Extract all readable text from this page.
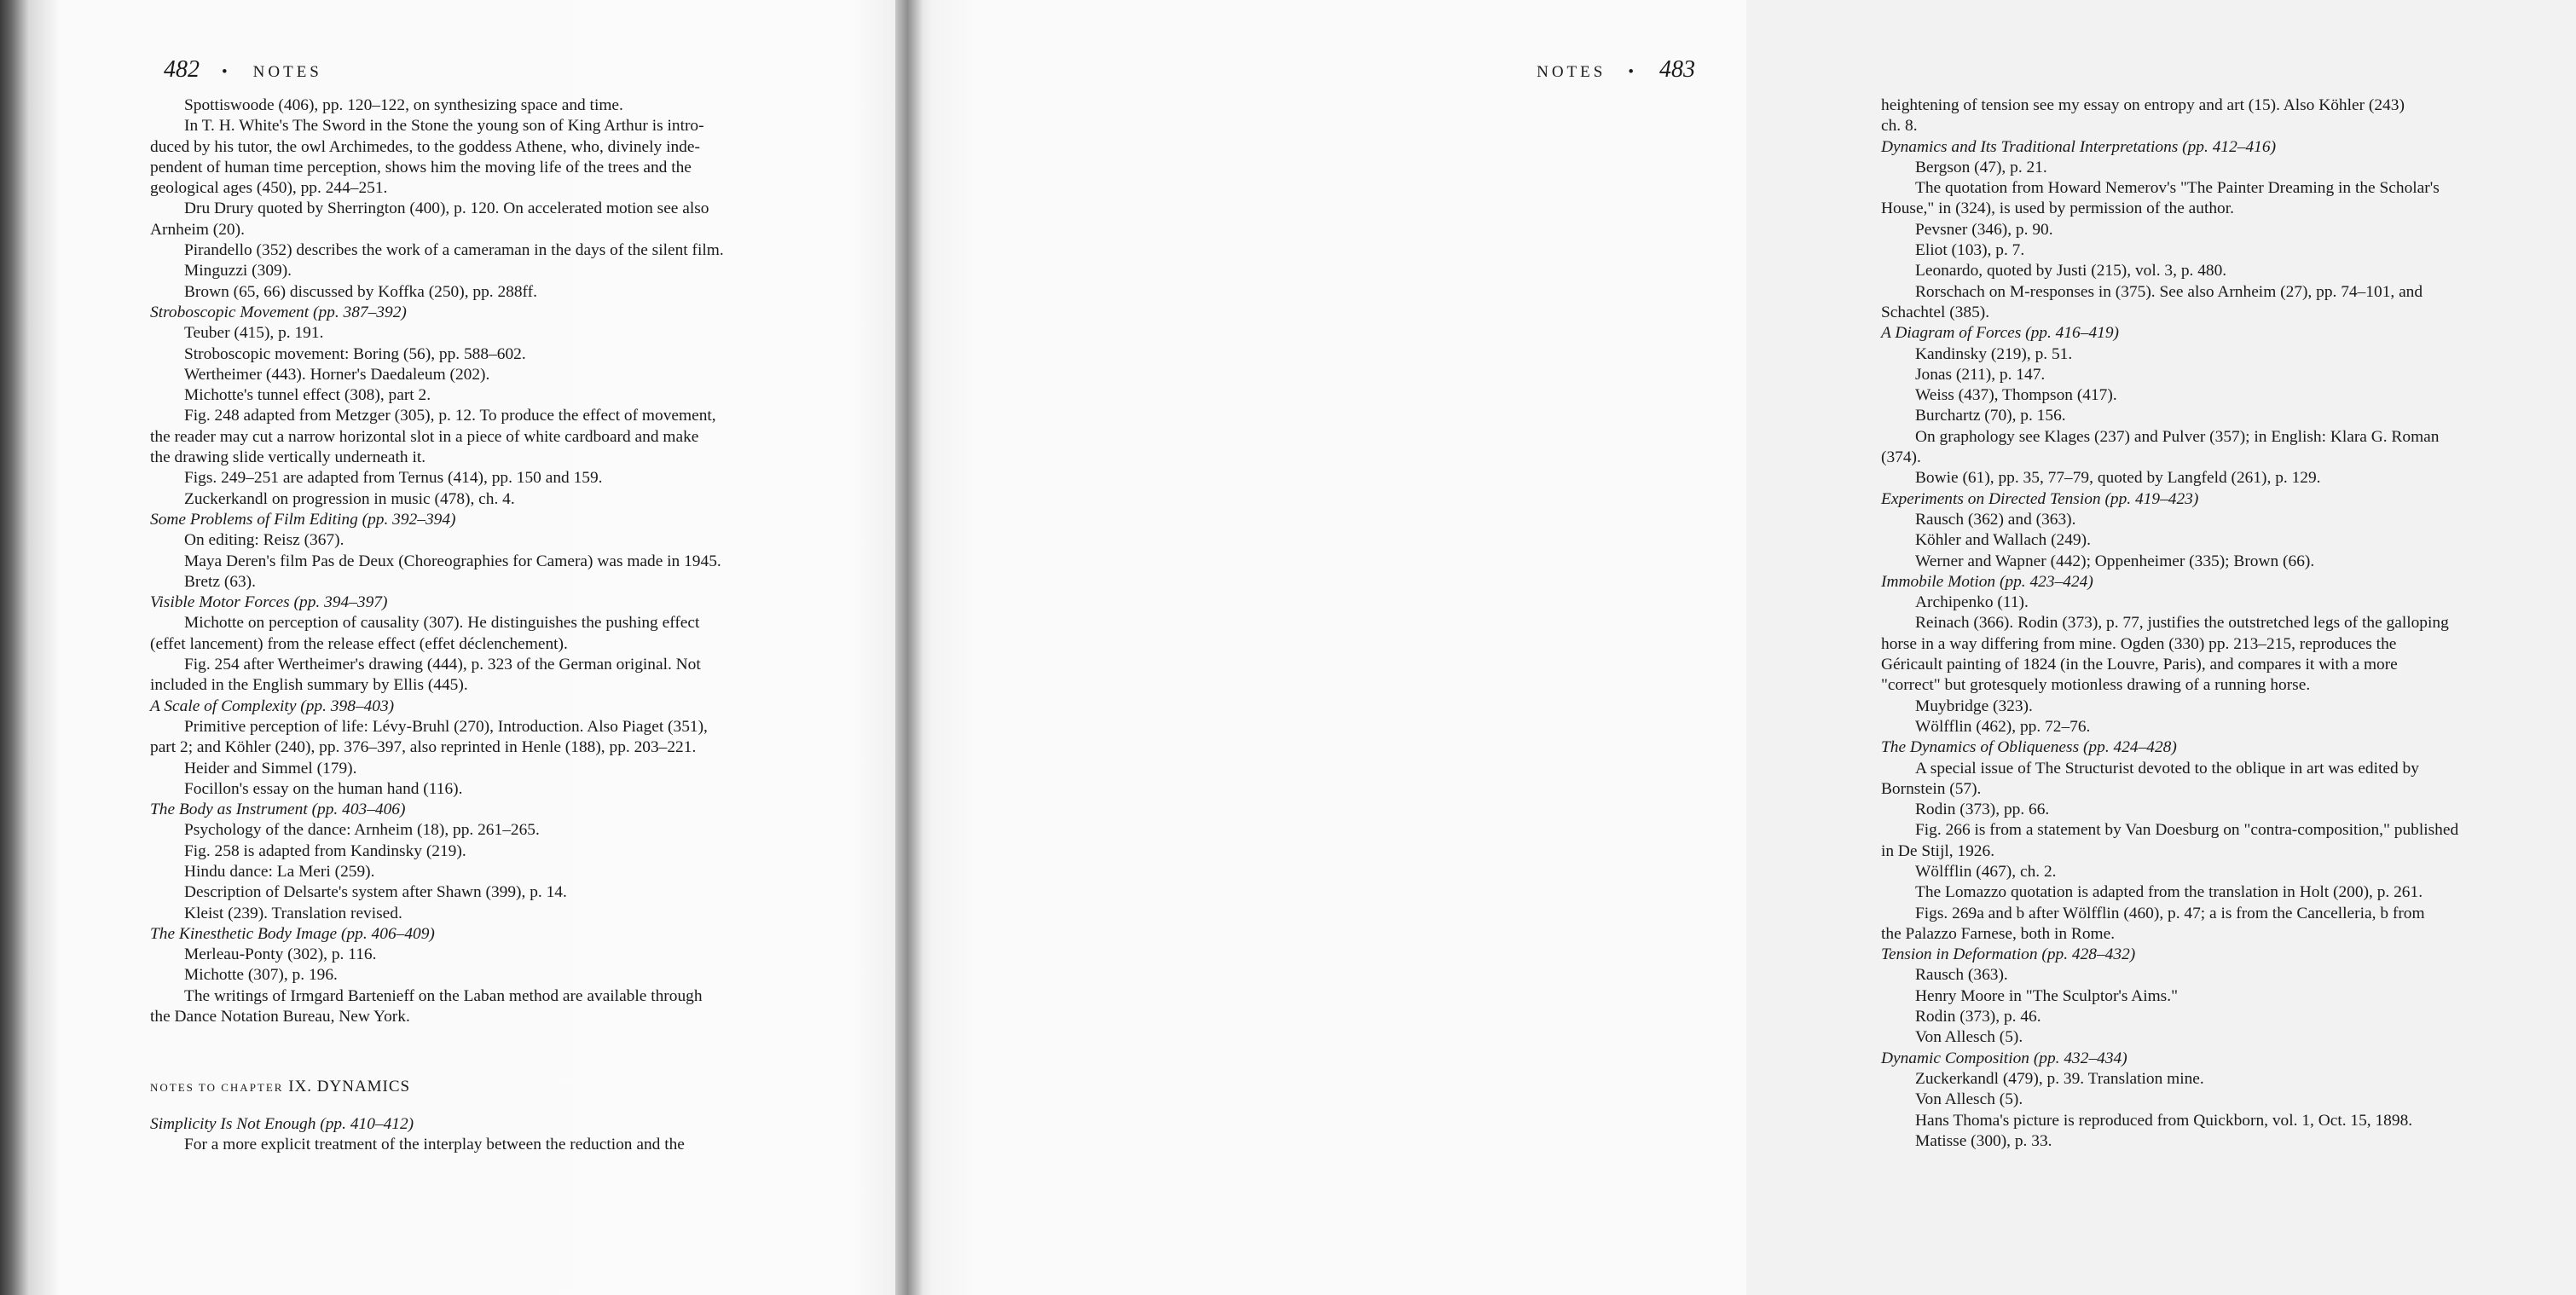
482 • NOTES
Spottiswoode (406), pp. 120–122, on synthesizing space and time.
In T. H. White's The Sword in the Stone the young son of King Arthur is intro-
duced by his tutor, the owl Archimedes, to the goddess Athene, who, divinely inde-
pendent of human time perception, shows him the moving life of the trees and the
geological ages (450), pp. 244–251.
Dru Drury quoted by Sherrington (400), p. 120. On accelerated motion see also
Arnheim (20).
Pirandello (352) describes the work of a cameraman in the days of the silent film.
Minguzzi (309).
Brown (65, 66) discussed by Koffka (250), pp. 288ff.
Stroboscopic Movement (pp. 387–392)
Teuber (415), p. 191.
Stroboscopic movement: Boring (56), pp. 588–602.
Wertheimer (443). Horner's Daedaleum (202).
Michotte's tunnel effect (308), part 2.
Fig. 248 adapted from Metzger (305), p. 12. To produce the effect of movement,
the reader may cut a narrow horizontal slot in a piece of white cardboard and make
the drawing slide vertically underneath it.
Figs. 249–251 are adapted from Ternus (414), pp. 150 and 159.
Zuckerkandl on progression in music (478), ch. 4.
Some Problems of Film Editing (pp. 392–394)
On editing: Reisz (367).
Maya Deren's film Pas de Deux (Choreographies for Camera) was made in 1945.
Bretz (63).
Visible Motor Forces (pp. 394–397)
Michotte on perception of causality (307). He distinguishes the pushing effect
(effet lancement) from the release effect (effet déclenchement).
Fig. 254 after Wertheimer's drawing (444), p. 323 of the German original. Not
included in the English summary by Ellis (445).
A Scale of Complexity (pp. 398–403)
Primitive perception of life: Lévy-Bruhl (270), Introduction. Also Piaget (351),
part 2; and Köhler (240), pp. 376–397, also reprinted in Henle (188), pp. 203–221.
Heider and Simmel (179).
Focillon's essay on the human hand (116).
The Body as Instrument (pp. 403–406)
Psychology of the dance: Arnheim (18), pp. 261–265.
Fig. 258 is adapted from Kandinsky (219).
Hindu dance: La Meri (259).
Description of Delsarte's system after Shawn (399), p. 14.
Kleist (239). Translation revised.
The Kinesthetic Body Image (pp. 406–409)
Merleau-Ponty (302), p. 116.
Michotte (307), p. 196.
The writings of Irmgard Bartenieff on the Laban method are available through
the Dance Notation Bureau, New York.
NOTES TO CHAPTER IX. DYNAMICS
Simplicity Is Not Enough (pp. 410–412)
For a more explicit treatment of the interplay between the reduction and the
NOTES • 483
heightening of tension see my essay on entropy and art (15). Also Köhler (243)
ch. 8.
Dynamics and Its Traditional Interpretations (pp. 412–416)
Bergson (47), p. 21.
The quotation from Howard Nemerov's "The Painter Dreaming in the Scholar's
House," in (324), is used by permission of the author.
Pevsner (346), p. 90.
Eliot (103), p. 7.
Leonardo, quoted by Justi (215), vol. 3, p. 480.
Rorschach on M-responses in (375). See also Arnheim (27), pp. 74–101, and
Schachtel (385).
A Diagram of Forces (pp. 416–419)
Kandinsky (219), p. 51.
Jonas (211), p. 147.
Weiss (437), Thompson (417).
Burchartz (70), p. 156.
On graphology see Klages (237) and Pulver (357); in English: Klara G. Roman
(374).
Bowie (61), pp. 35, 77–79, quoted by Langfeld (261), p. 129.
Experiments on Directed Tension (pp. 419–423)
Rausch (362) and (363).
Köhler and Wallach (249).
Werner and Wapner (442); Oppenheimer (335); Brown (66).
Immobile Motion (pp. 423–424)
Archipenko (11).
Reinach (366). Rodin (373), p. 77, justifies the outstretched legs of the galloping
horse in a way differing from mine. Ogden (330) pp. 213–215, reproduces the
Géricault painting of 1824 (in the Louvre, Paris), and compares it with a more
"correct" but grotesquely motionless drawing of a running horse.
Muybridge (323).
Wölfflin (462), pp. 72–76.
The Dynamics of Obliqueness (pp. 424–428)
A special issue of The Structurist devoted to the oblique in art was edited by
Bornstein (57).
Rodin (373), pp. 66.
Fig. 266 is from a statement by Van Doesburg on "contra-composition," published
in De Stijl, 1926.
Wölfflin (467), ch. 2.
The Lomazzo quotation is adapted from the translation in Holt (200), p. 261.
Figs. 269a and b after Wölfflin (460), p. 47; a is from the Cancelleria, b from
the Palazzo Farnese, both in Rome.
Tension in Deformation (pp. 428–432)
Rausch (363).
Henry Moore in "The Sculptor's Aims."
Rodin (373), p. 46.
Von Allesch (5).
Dynamic Composition (pp. 432–434)
Zuckerkandl (479), p. 39. Translation mine.
Von Allesch (5).
Hans Thoma's picture is reproduced from Quickborn, vol. 1, Oct. 15, 1898.
Matisse (300), p. 33.
